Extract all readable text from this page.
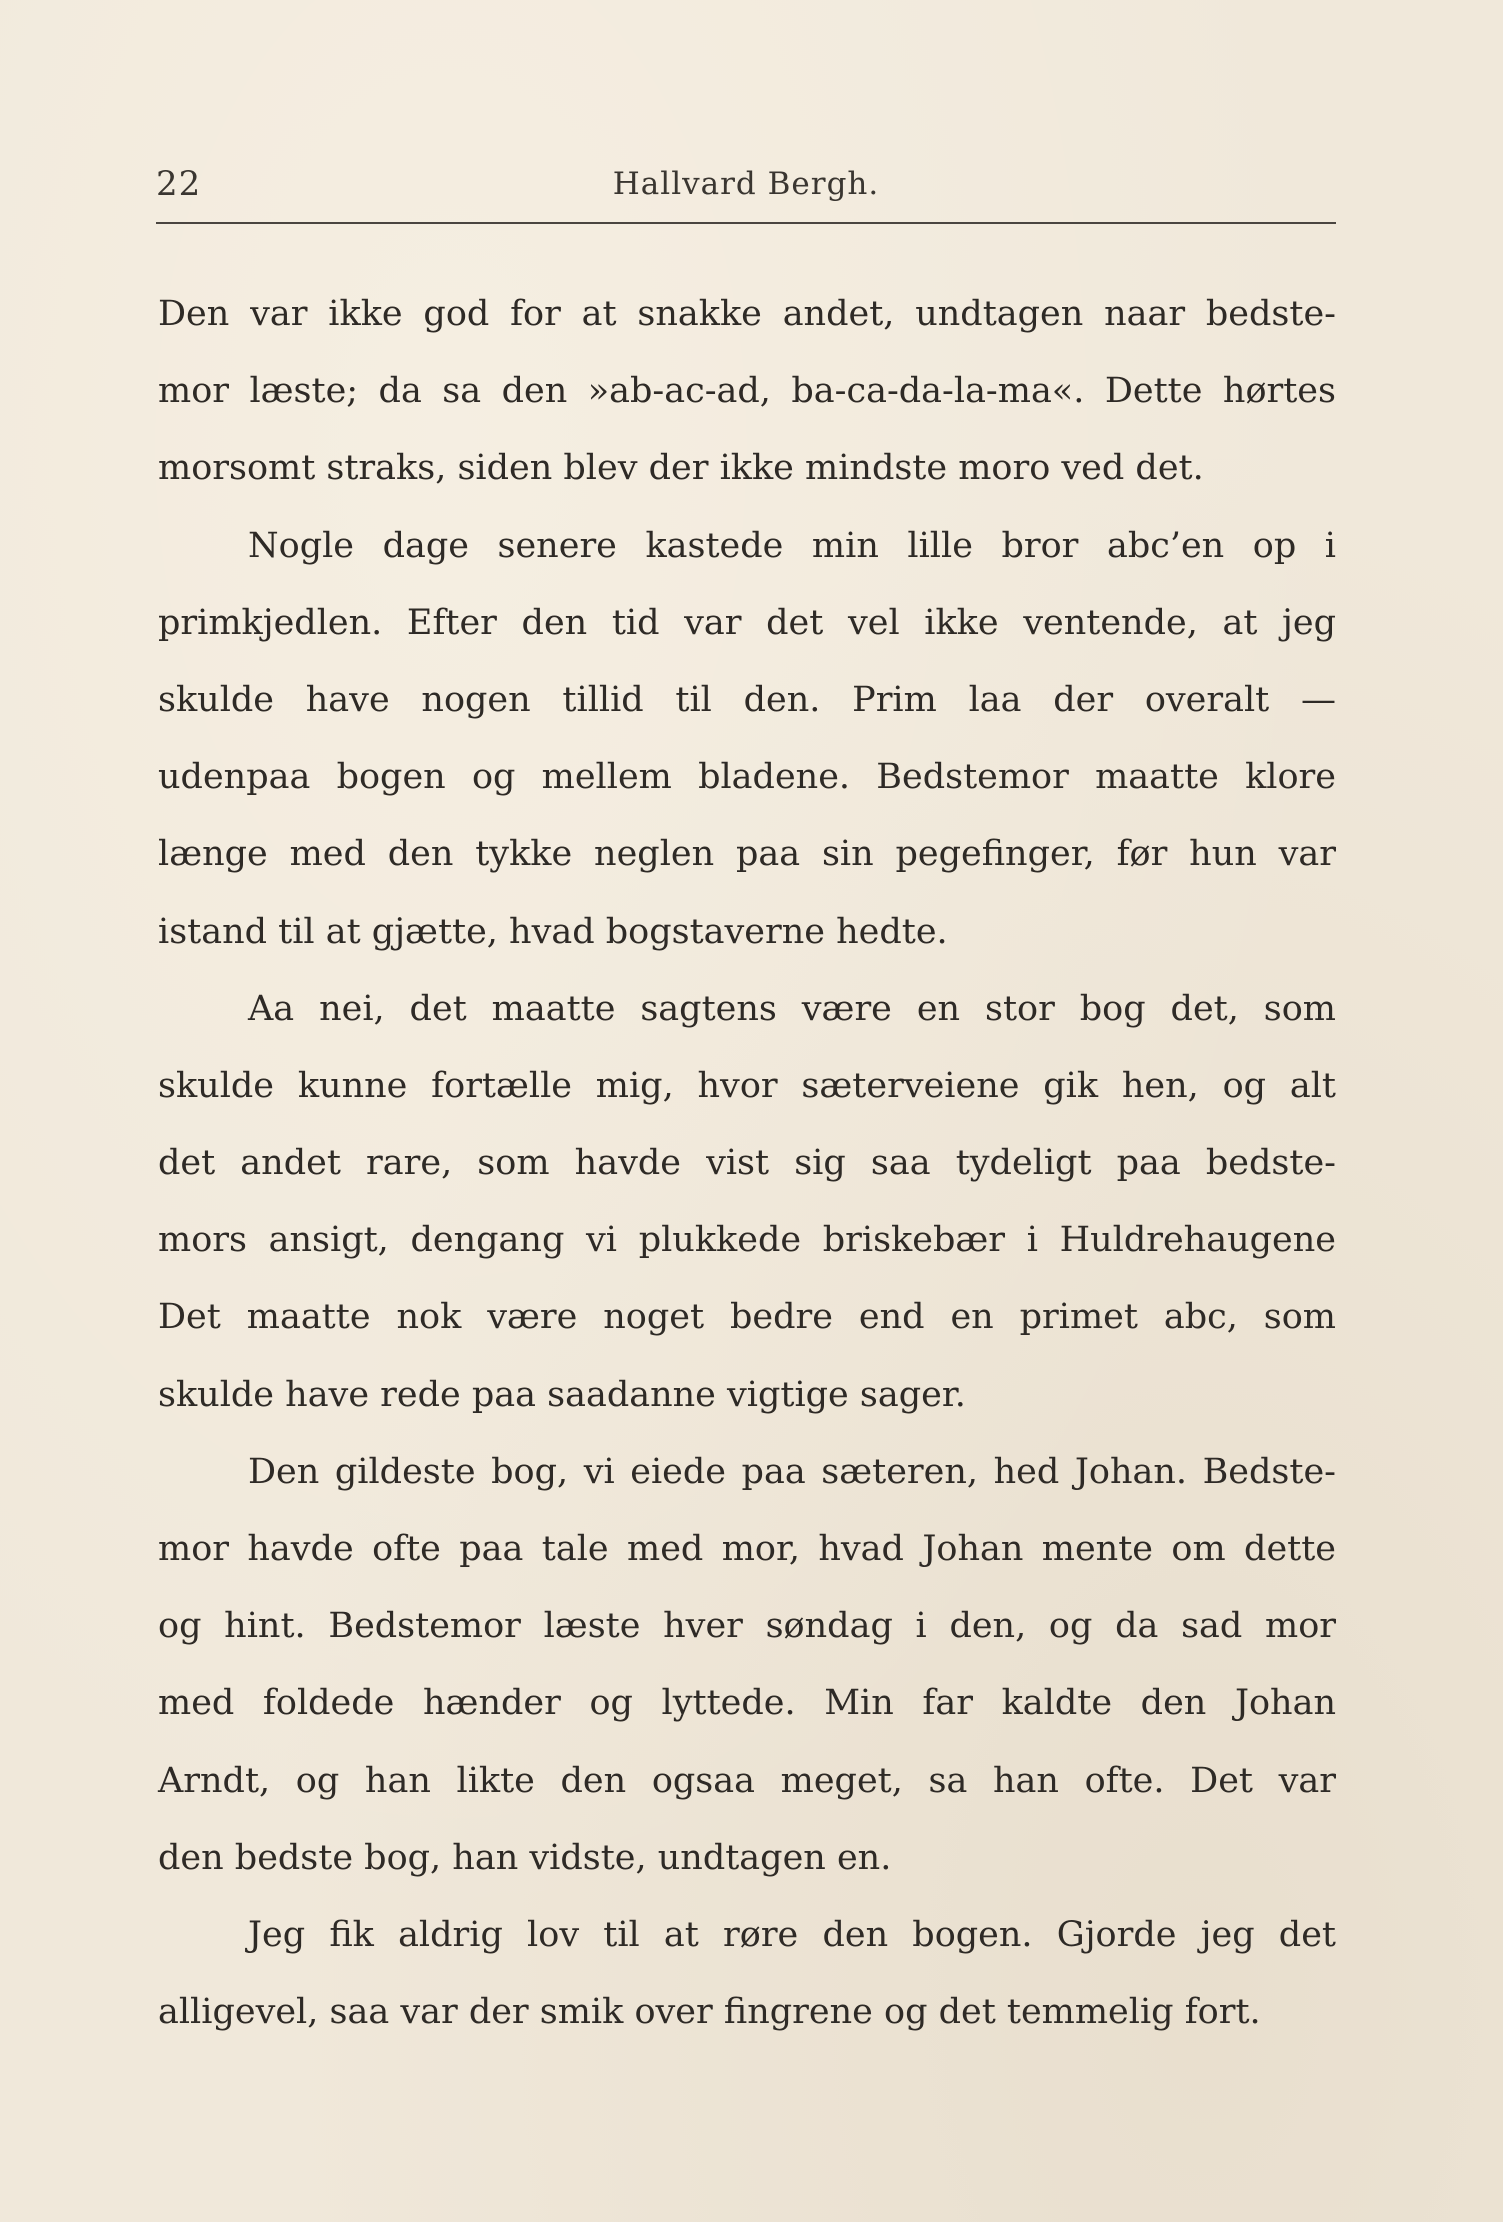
22	Hallvard Bergh.
Den var ikke god for at snakke andet, undtagen naar bedste-
mor læste; da sa den »ab-ac-ad, ba-ca-da-la-ma«. Dette hørtes
morsomt straks, siden blev der ikke mindste moro ved det.
Nogle dage senere kastede min lille bror abc’en op i
primkjedlen. Efter den tid var det vel ikke ventende, at jeg
skulde have nogen tillid til den. Prim laa der overalt —
udenpaa bogen og mellem bladene. Bedstemor maatte klore
længe med den tykke neglen paa sin pegefinger, før hun var
istand til at gjætte, hvad bogstaverne hedte.
Aa nei, det maatte sagtens være en stor bog det, som
skulde kunne fortælle mig, hvor sæterveiene gik hen, og alt
det andet rare, som havde vist sig saa tydeligt paa bedste-
mors ansigt, dengang vi plukkede briskebær i Huldrehaugene
Det maatte nok være noget bedre end en primet abc, som
skulde have rede paa saadanne vigtige sager.
Den gildeste bog, vi eiede paa sæteren, hed Johan. Bedste-
mor havde ofte paa tale med mor, hvad Johan mente om dette
og hint. Bedstemor læste hver søndag i den, og da sad mor
med foldede hænder og lyttede. Min far kaldte den Johan
Arndt, og han likte den ogsaa meget, sa han ofte. Det var
den bedste bog, han vidste, undtagen en.
Jeg fik aldrig lov til at røre den bogen. Gjorde jeg det
alligevel, saa var der smik over fingrene og det temmelig fort.
